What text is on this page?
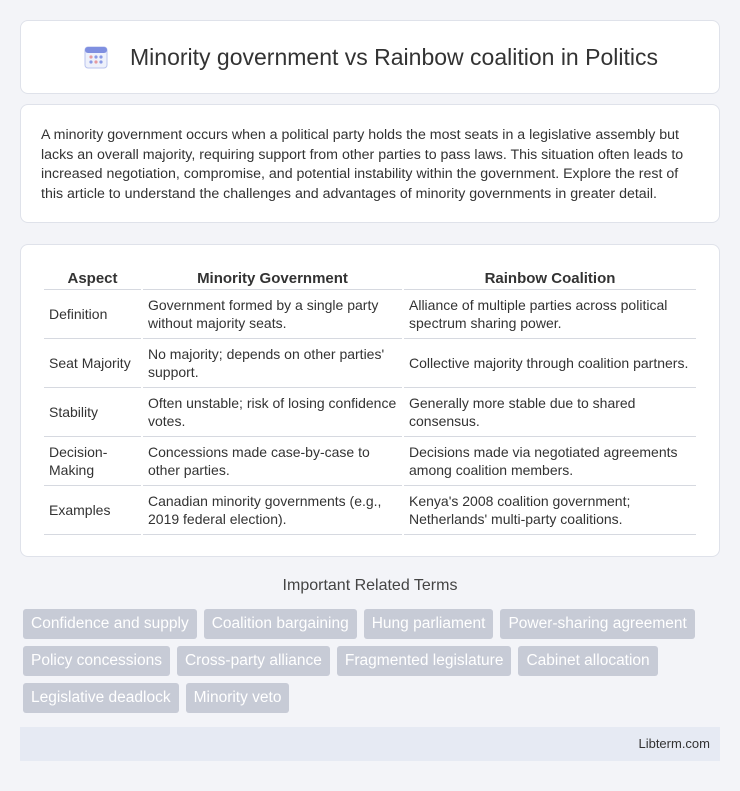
Minority government vs Rainbow coalition in Politics

A minority government occurs when a political party holds the most seats in a legislative assembly but lacks an overall majority, requiring support from other parties to pass laws. This situation often leads to increased negotiation, compromise, and potential instability within the government. Explore the rest of this article to understand the challenges and advantages of minority governments in greater detail.

Aspect	Minority Government	Rainbow Coalition
Definition	Government formed by a single party without majority seats.	Alliance of multiple parties across political spectrum sharing power.
Seat Majority	No majority; depends on other parties' support.	Collective majority through coalition partners.
Stability	Often unstable; risk of losing confidence votes.	Generally more stable due to shared consensus.
Decision-Making	Concessions made case-by-case to other parties.	Decisions made via negotiated agreements among coalition members.
Examples	Canadian minority governments (e.g., 2019 federal election).	Kenya's 2008 coalition government; Netherlands' multi-party coalitions.
Important Related Terms
Confidence and supply	Coalition bargaining	Hung parliament	Power-sharing agreement
Policy concessions	Cross-party alliance	Fragmented legislature	Cabinet allocation
Legislative deadlock	Minority veto
Libterm.com
